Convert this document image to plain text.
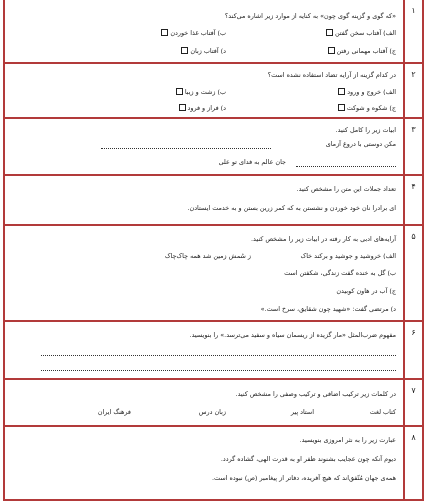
۱
«که گوی و گزینه گوی چون» به کنایه از موارد زیر اشاره می‌کند؟
الف) آفتاب سخن گفتن
ب) آفتاب غذا خوردن
ج) آفتاب مهمانی رفتن
د) آفتاب زبان
۲
در کدام گزینه از آرایه تضاد استفاده نشده است؟
الف) خروج و ورود
ب) زشت و زیبا
ج) شکوه و شوکت
د) فراز و فرود
۳
ابیات زیر را کامل کنید.
مکن دوستی با دروغ آزمای
جان عالم به فدای تو علی
۴
تعداد جملات این متن را مشخص کنید.
ای برادرا نان خود خوردن و نشستن به که کمر زرین بستن و به خدمت ایستادن.
۵
آرایه‌های ادبی به کار رفته در ابیات زیر را مشخص کنید.
الف) خروشید و جوشید و برکند خاک
ز سُمش زمین شد همه چاک‌چاک
ب) گل به خنده گفت زندگی، شکفتن است
ج) آب در هاون کوبیدن
د) مرتضی گفت: «شهید چون شقایق، سرخ است.»
۶
مفهوم ضرب‌المثل «مار گزیده از ریسمان سیاه و سفید می‌ترسد.» را بنویسید.
۷
در کلمات زیر ترکیب اضافی و ترکیب وصفی را مشخص کنید.
کتاب لغت
استاد پیر
زبان درس
فرهنگ ایران
۸
عبارت زیر را به نثر امروزی بنویسید.
دیوم آنکه چون عجایب بشنوند ظفر او به قدرت الهی، گشاده گردد.
همه‌ی جهان مُتّفق‌اند که هیچ آفریده، دفاتر از پیغامبر (ص) نبوده است.
